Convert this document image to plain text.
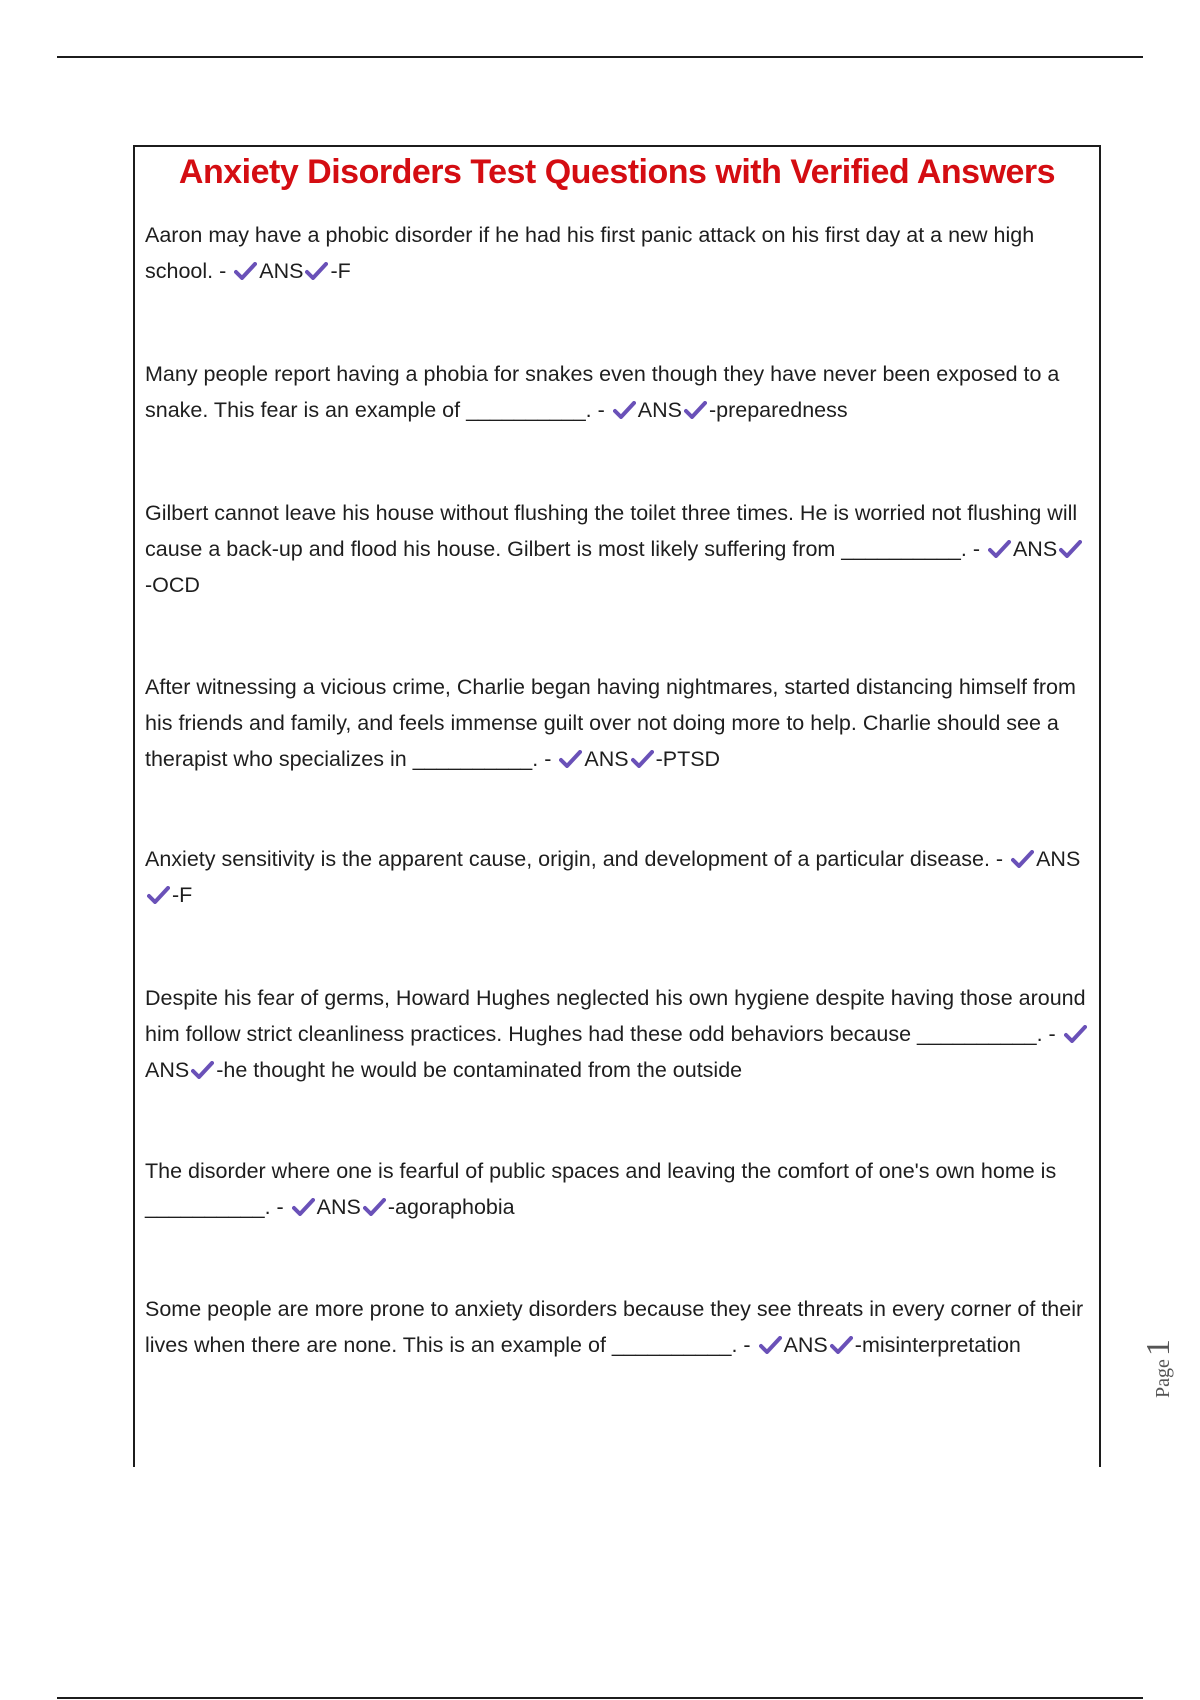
Anxiety Disorders Test Questions with Verified Answers

Aaron may have a phobic disorder if he had his first panic attack on his first day at a new high school. - ANS -F

Many people report having a phobia for snakes even though they have never been exposed to a snake. This fear is an example of __________. - ANS -preparedness

Gilbert cannot leave his house without flushing the toilet three times. He is worried not flushing will cause a back-up and flood his house. Gilbert is most likely suffering from __________. - ANS
-OCD

After witnessing a vicious crime, Charlie began having nightmares, started distancing himself from his friends and family, and feels immense guilt over not doing more to help. Charlie should see a therapist who specializes in __________. - ANS -PTSD

Anxiety sensitivity is the apparent cause, origin, and development of a particular disease. - ANS
-F

Despite his fear of germs, Howard Hughes neglected his own hygiene despite having those around him follow strict cleanliness practices. Hughes had these odd behaviors because __________. -
ANS -he thought he would be contaminated from the outside

The disorder where one is fearful of public spaces and leaving the comfort of one's own home is __________. - ANS -agoraphobia

Some people are more prone to anxiety disorders because they see threats in every corner of their lives when there are none. This is an example of __________. - ANS -misinterpretation

Page1
